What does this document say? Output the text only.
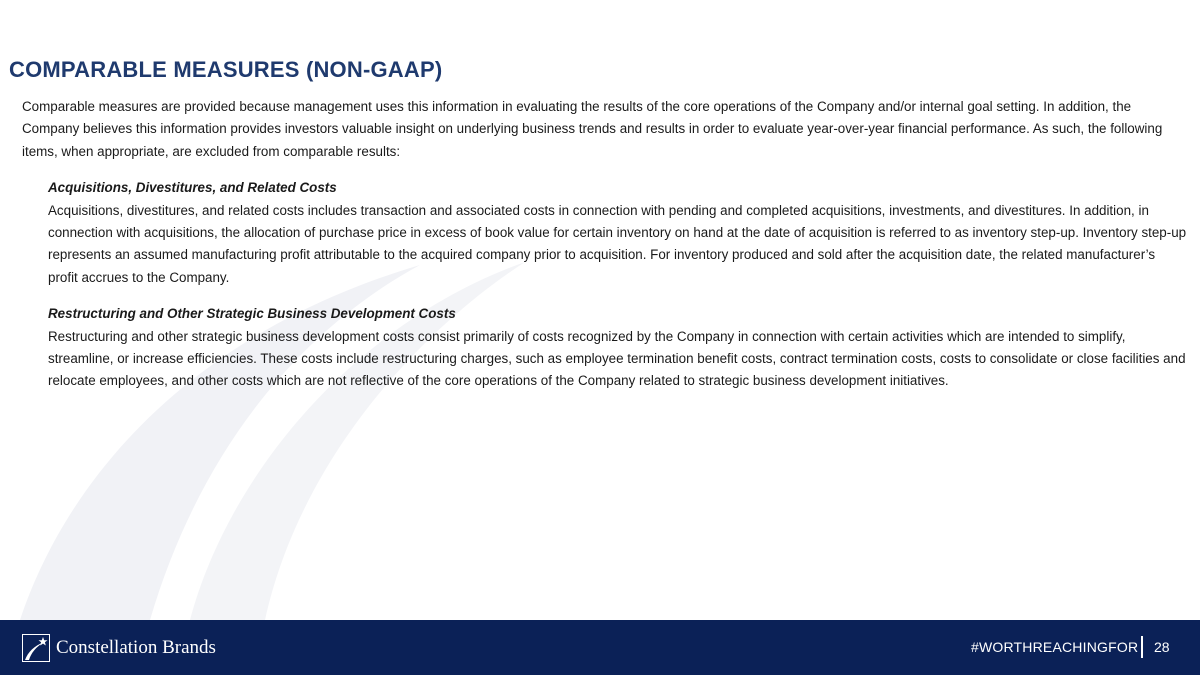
COMPARABLE MEASURES (NON-GAAP)

Comparable measures are provided because management uses this information in evaluating the results of the core operations of the Company and/or internal goal setting. In addition, the Company believes this information provides investors valuable insight on underlying business trends and results in order to evaluate year-over-year financial performance. As such, the following items, when appropriate, are excluded from comparable results:

Acquisitions, Divestitures, and Related Costs

Acquisitions, divestitures, and related costs includes transaction and associated costs in connection with pending and completed acquisitions, investments, and divestitures. In addition, in connection with acquisitions, the allocation of purchase price in excess of book value for certain inventory on hand at the date of acquisition is referred to as inventory step-up. Inventory step-up represents an assumed manufacturing profit attributable to the acquired company prior to acquisition. For inventory produced and sold after the acquisition date, the related manufacturer’s profit accrues to the Company.

Restructuring and Other Strategic Business Development Costs

Restructuring and other strategic business development costs consist primarily of costs recognized by the Company in connection with certain activities which are intended to simplify, streamline, or increase efficiencies. These costs include restructuring charges, such as employee termination benefit costs, contract termination costs, costs to consolidate or close facilities and relocate employees, and other costs which are not reflective of the core operations of the Company related to strategic business development initiatives.

Constellation Brands	#WORTHREACHINGFOR 28
